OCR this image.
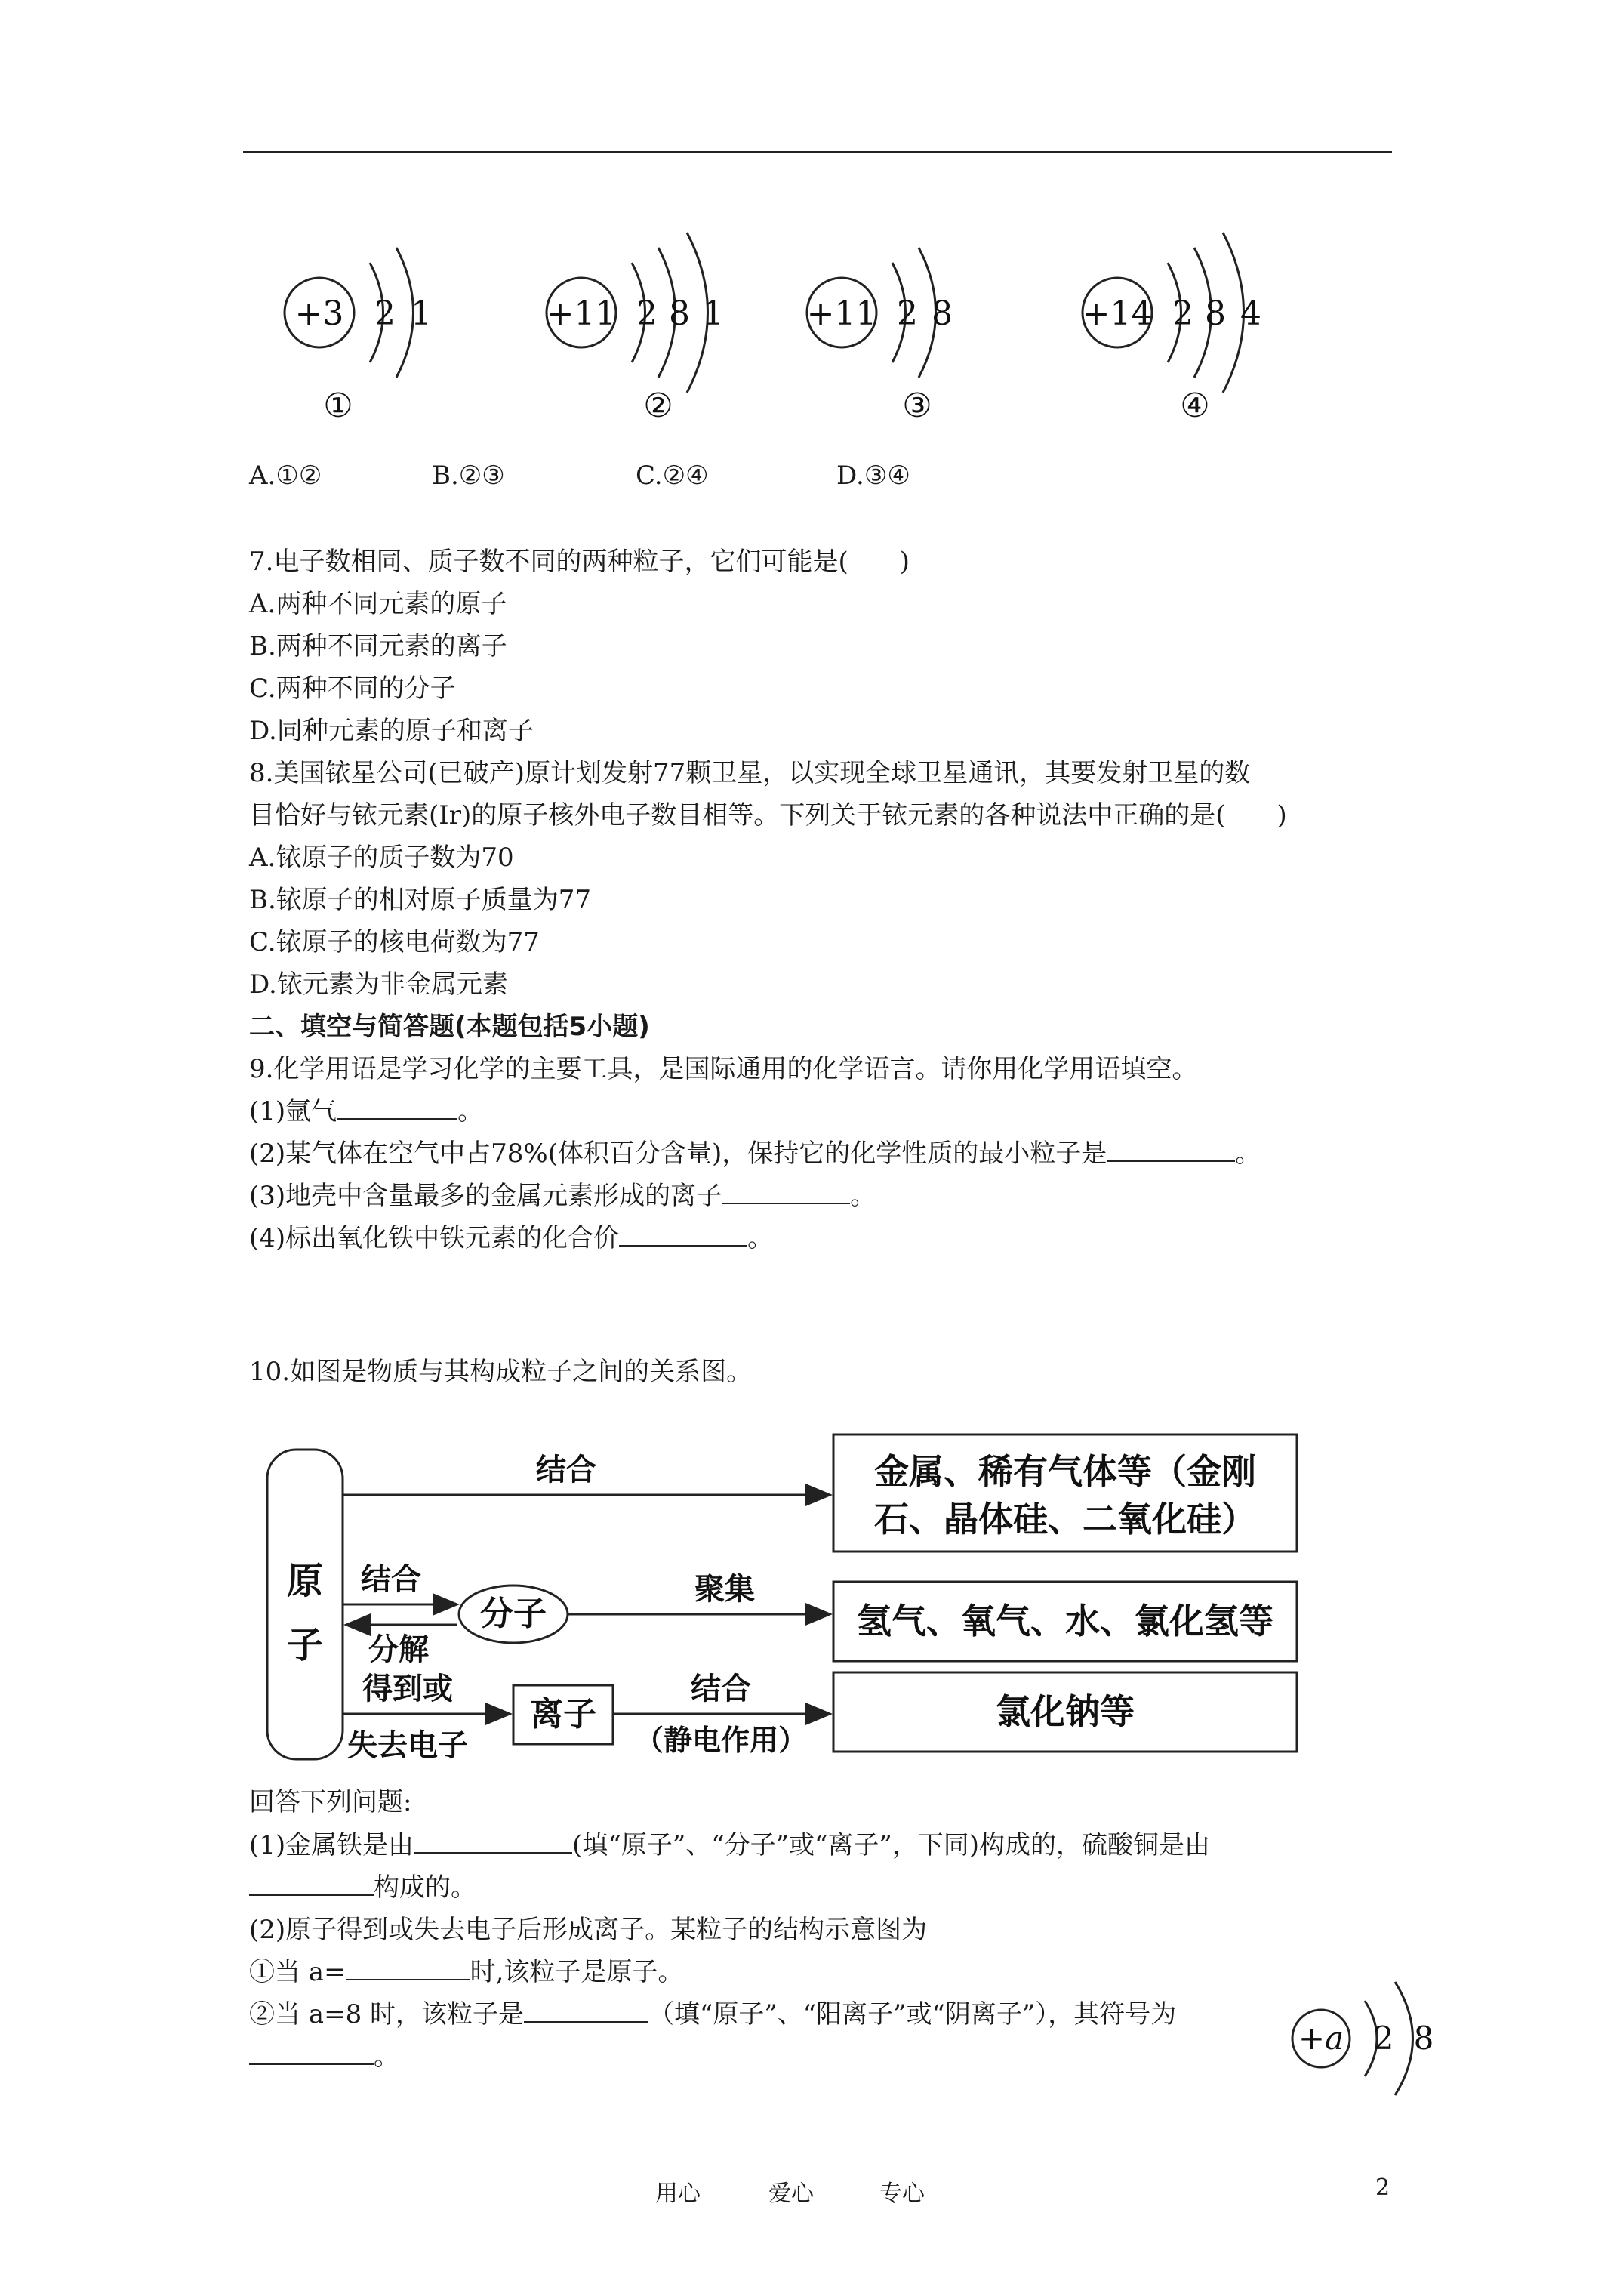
+3 2 1
①
+11 2 8 1
②
+11 2 8
③
+14 2 8 4
④
A.①②	B.②③	C.②④	D.③④
7.电子数相同、质子数不同的两种粒子，它们可能是(　　)
A.两种不同元素的原子
B.两种不同元素的离子
C.两种不同的分子
D.同种元素的原子和离子
8.美国铱星公司(已破产)原计划发射77颗卫星，以实现全球卫星通讯，其要发射卫星的数
目恰好与铱元素(Ir)的原子核外电子数目相等。下列关于铱元素的各种说法中正确的是(　　)
A.铱原子的质子数为70
B.铱原子的相对原子质量为77
C.铱原子的核电荷数为77
D.铱元素为非金属元素
二、填空与简答题(本题包括5小题)
9.化学用语是学习化学的主要工具，是国际通用的化学语言。请你用化学用语填空。
(1)氩气	。
(2)某气体在空气中占78%(体积百分含量)，保持它的化学性质的最小粒子是	。
(3)地壳中含量最多的金属元素形成的离子	。
(4)标出氧化铁中铁元素的化合价	。
10.如图是物质与其构成粒子之间的关系图。
原
子
结合
结合
分解
分子
聚集
得到或
失去电子
离子
结合
（静电作用）
金属、稀有气体等（金刚
石、晶体硅、二氧化硅）
氢气、氧气、水、氯化氢等
氯化钠等
回答下列问题:
(1)金属铁是由	(填“原子”、“分子”或“离子”，下同)构成的，硫酸铜是由
构成的。
(2)原子得到或失去电子后形成离子。某粒子的结构示意图为
①当 a=	时,该粒子是原子。
②当 a=8 时，该粒子是	（填“原子”、“阳离子”或“阴离子”），其符号为
。	+a 2 8
用心	爱心	专心	2
